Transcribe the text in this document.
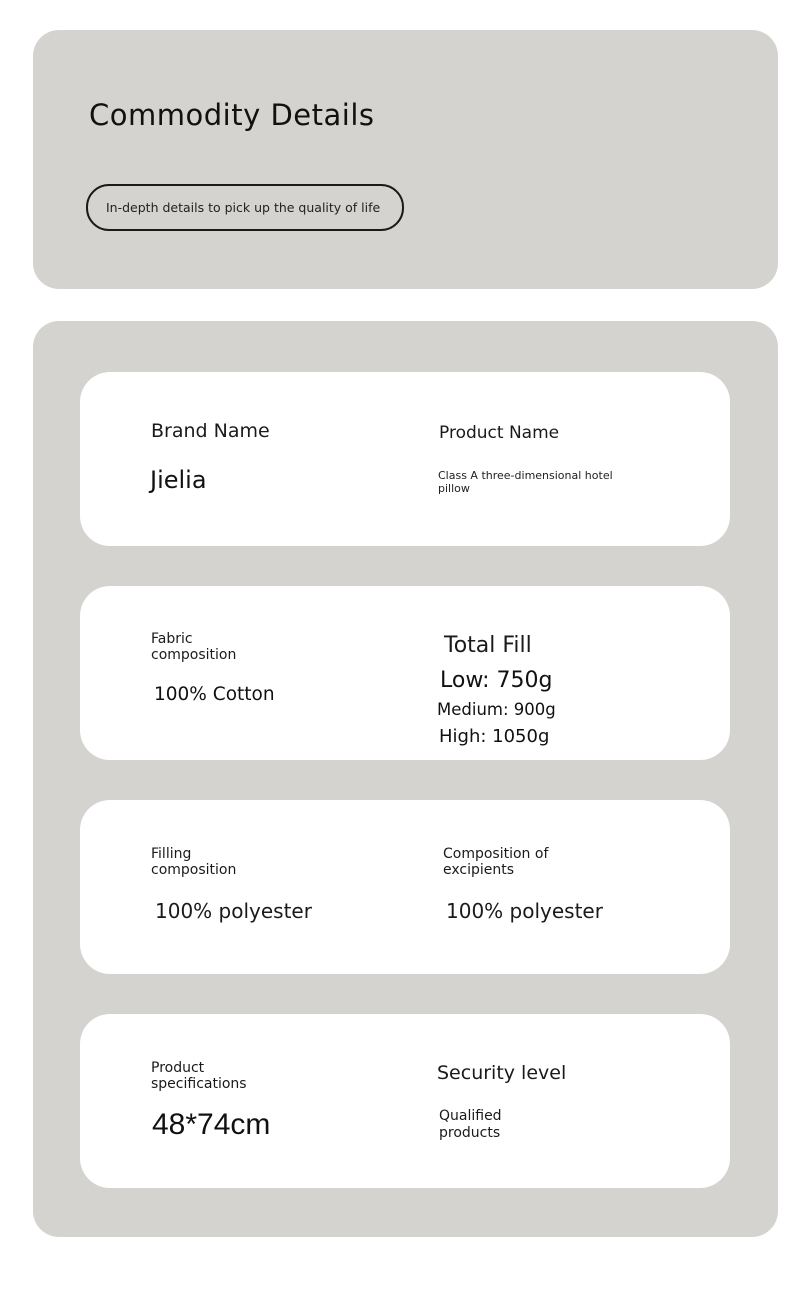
Commodity Details
In-depth details to pick up the quality of life
Brand Name
Jielia
Product Name
Class A three-dimensional hotel pillow
Fabric composition
100% Cotton
Total Fill
Low: 750g
Medium: 900g
High: 1050g
Filling composition
100% polyester
Composition of excipients
100% polyester
Product specifications
48*74cm
Security level
Qualified products
